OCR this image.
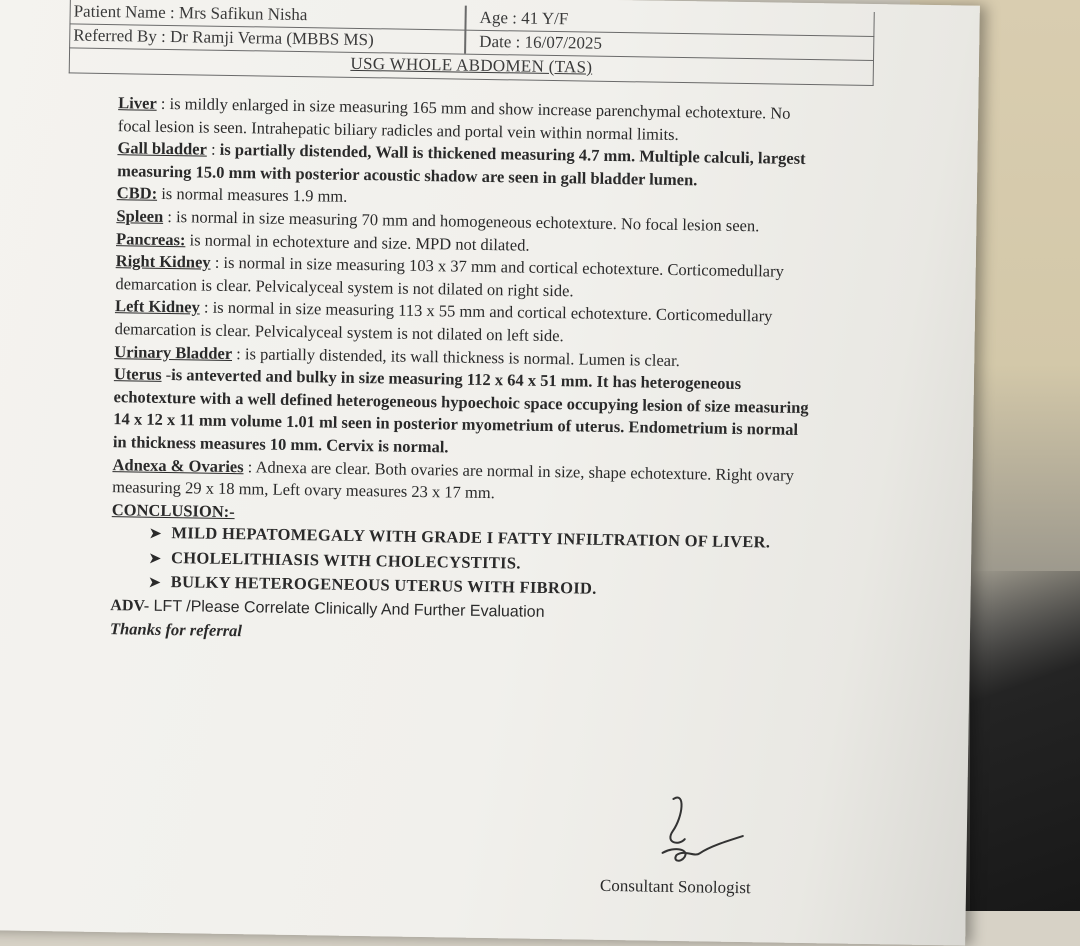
Patient Name : Mrs Safikun Nisha	Age : 41 Y/F
Referred By : Dr Ramji Verma (MBBS MS)	Date : 16/07/2025
USG WHOLE ABDOMEN (TAS)

Liver : is mildly enlarged in size measuring 165 mm and show increase parenchymal echotexture. No focal lesion is seen. Intrahepatic biliary radicles and portal vein within normal limits.

Gall bladder : is partially distended, Wall is thickened measuring 4.7 mm. Multiple calculi, largest measuring 15.0 mm with posterior acoustic shadow are seen in gall bladder lumen.

CBD: is normal measures 1.9 mm.

Spleen : is normal in size measuring 70 mm and homogeneous echotexture. No focal lesion seen.

Pancreas: is normal in echotexture and size. MPD not dilated.

Right Kidney : is normal in size measuring 103 x 37 mm and cortical echotexture. Corticomedullary demarcation is clear. Pelvicalyceal system is not dilated on right side.

Left Kidney : is normal in size measuring 113 x 55 mm and cortical echotexture. Corticomedullary demarcation is clear. Pelvicalyceal system is not dilated on left side.

Urinary Bladder : is partially distended, its wall thickness is normal. Lumen is clear.

Uterus -is anteverted and bulky in size measuring 112 x 64 x 51 mm. It has heterogeneous echotexture with a well defined heterogeneous hypoechoic space occupying lesion of size measuring 14 x 12 x 11 mm volume 1.01 ml seen in posterior myometrium of uterus. Endometrium is normal in thickness measures 10 mm. Cervix is normal.

Adnexa & Ovaries : Adnexa are clear. Both ovaries are normal in size, shape echotexture. Right ovary measuring 29 x 18 mm, Left ovary measures 23 x 17 mm.

CONCLUSION:-

➤ MILD HEPATOMEGALY WITH GRADE I FATTY INFILTRATION OF LIVER.
➤ CHOLELITHIASIS WITH CHOLECYSTITIS.
➤ BULKY HETEROGENEOUS UTERUS WITH FIBROID.

ADV- LFT /Please Correlate Clinically And Further Evaluation

Thanks for referral

Consultant Sonologist
